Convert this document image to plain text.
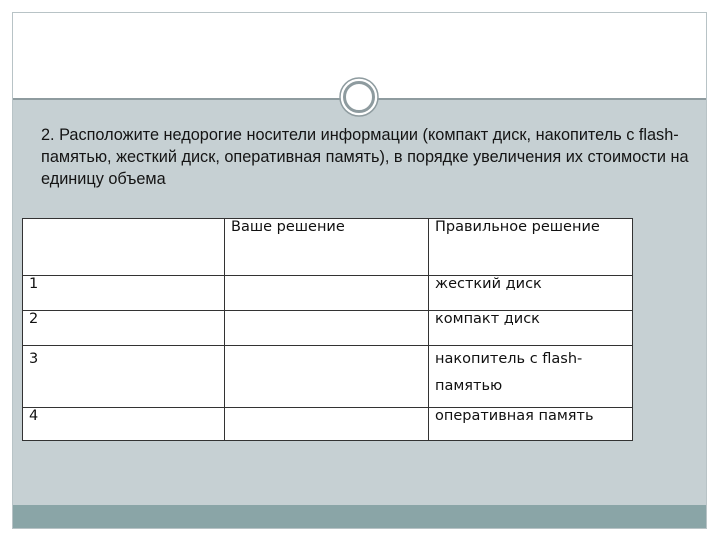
2. Расположите недорогие носители информации (компакт диск, накопитель с flash-памятью, жесткий диск, оперативная память), в порядке увеличения их стоимости на единицу объема

	Ваше решение	Правильное решение
1		жесткий диск
2		компакт диск
3		накопитель с flash-памятью
4		оперативная память
